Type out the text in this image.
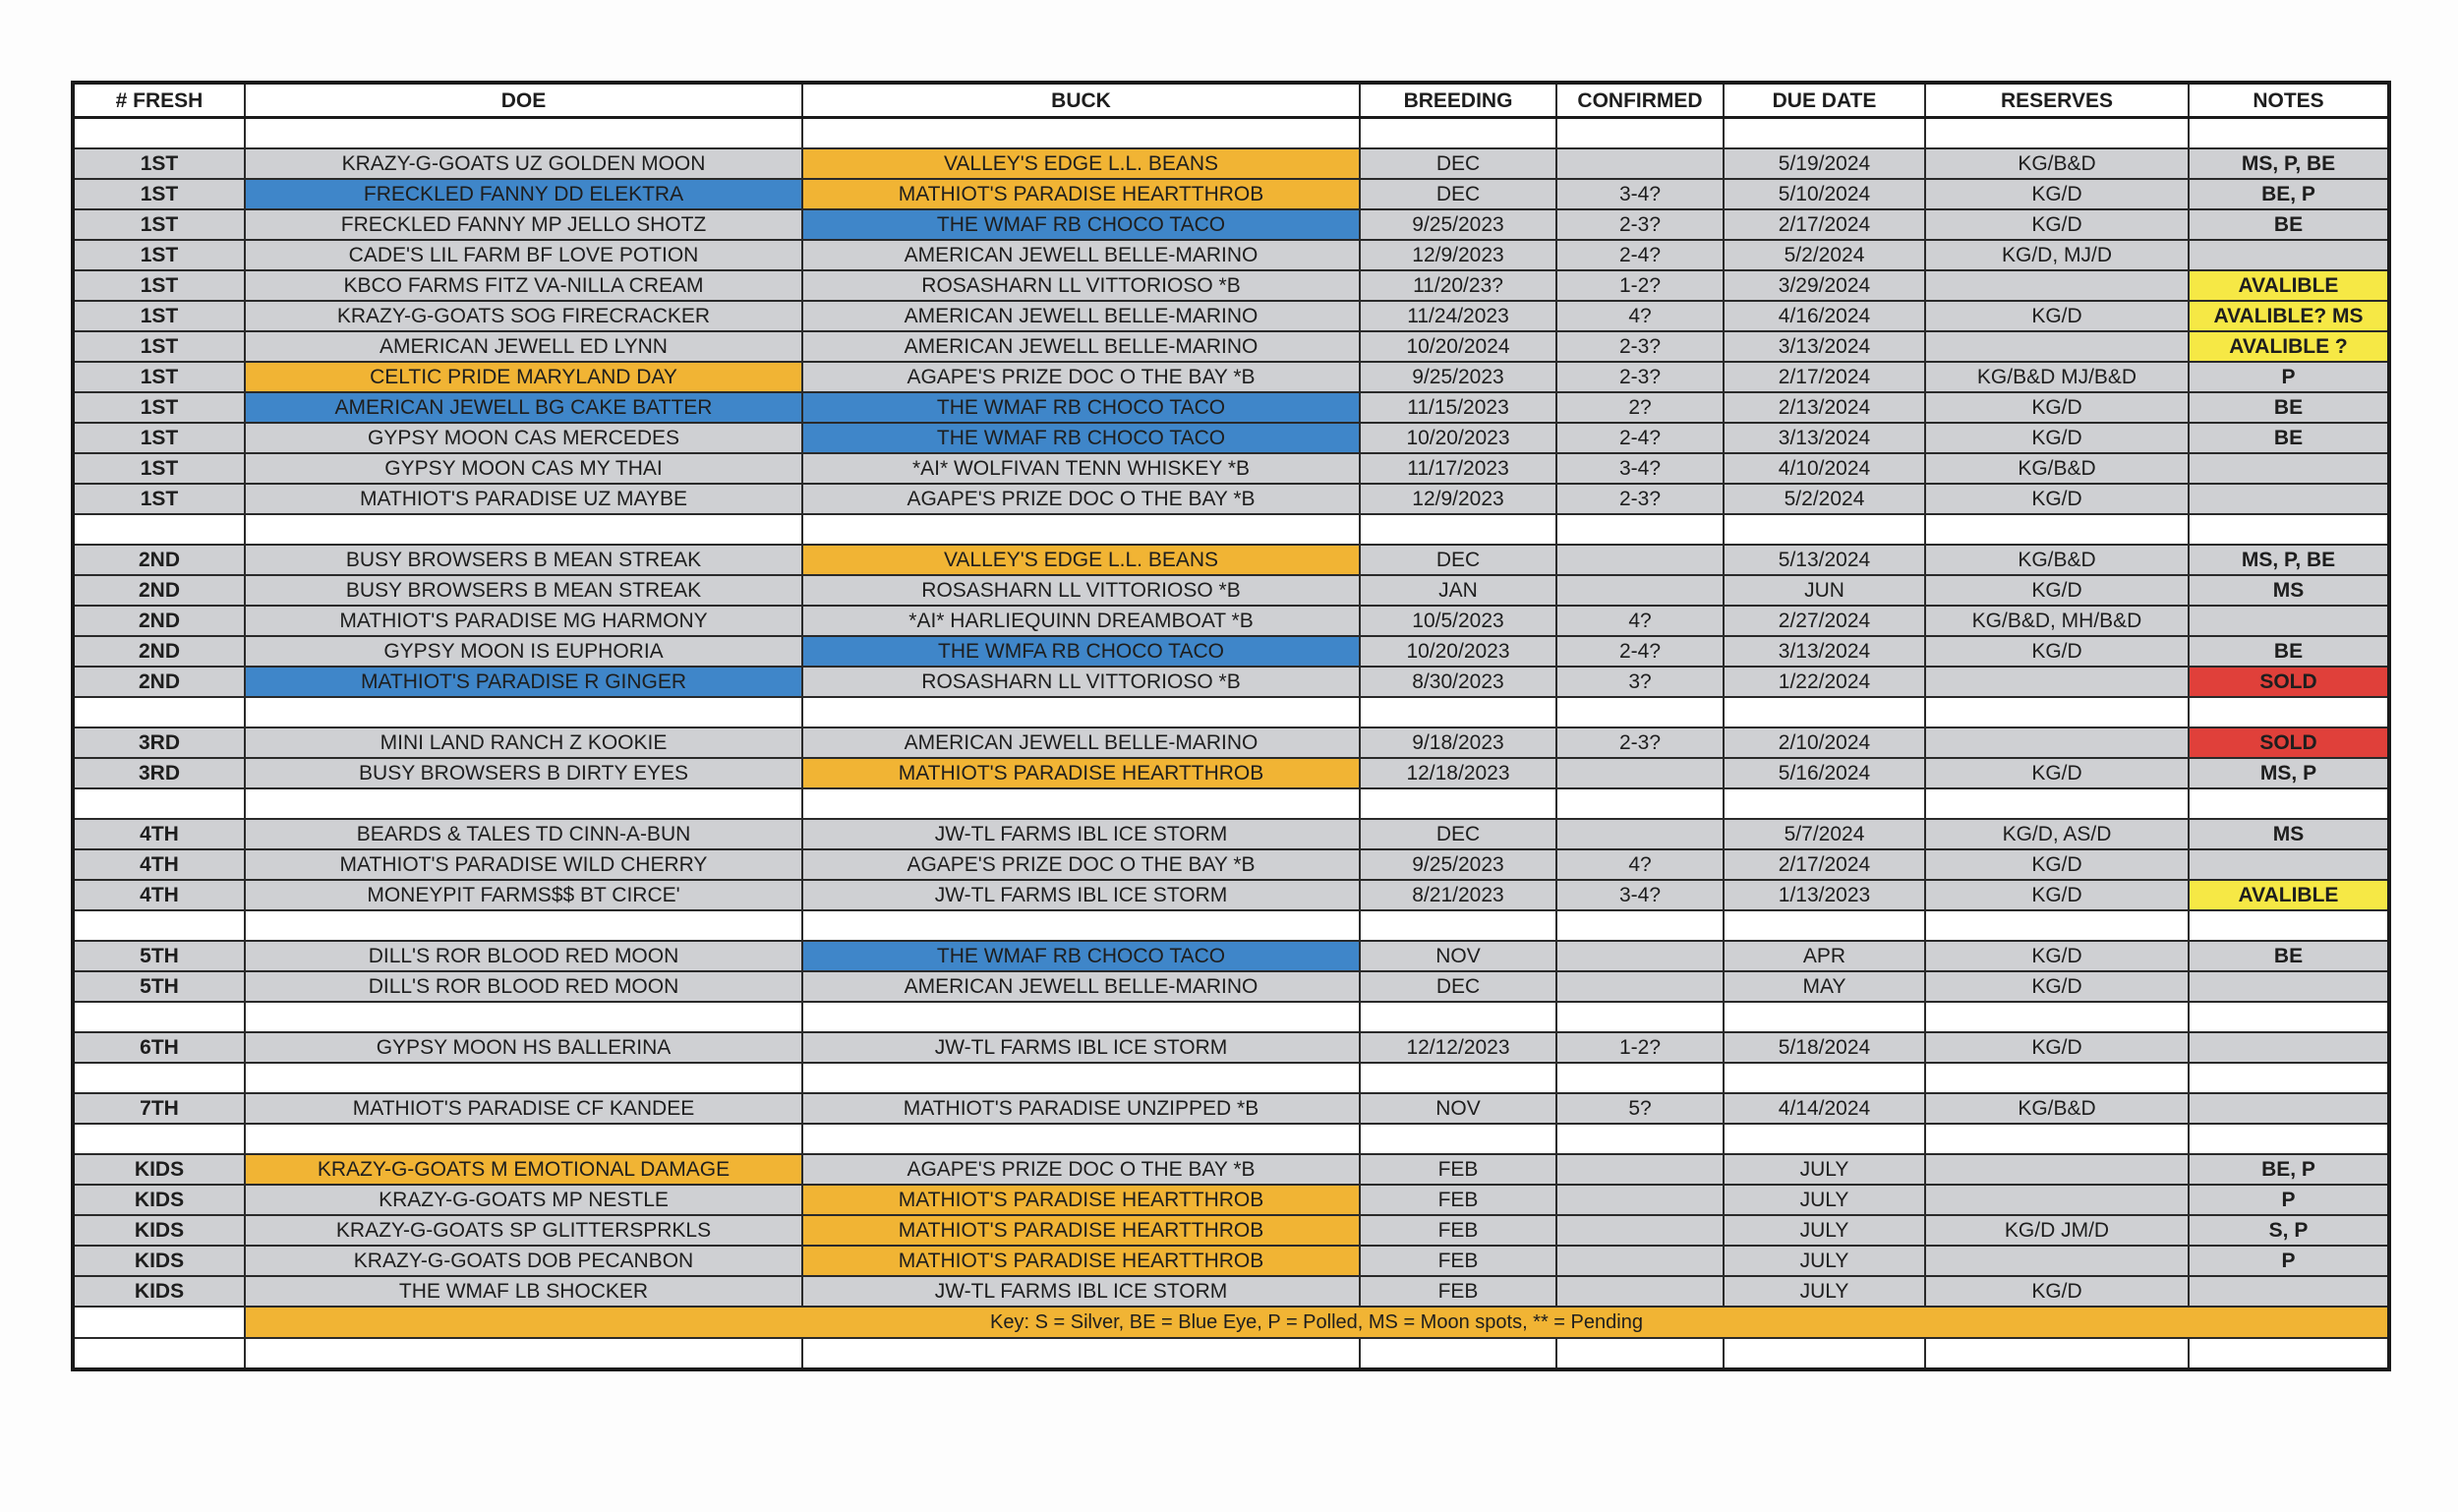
# FRESH	DOE	BUCK	BREEDING	CONFIRMED	DUE DATE	RESERVES	NOTES

1ST	KRAZY-G-GOATS UZ GOLDEN MOON	VALLEY'S EDGE L.L. BEANS	DEC		5/19/2024	KG/B&D	MS, P, BE
1ST	FRECKLED FANNY DD ELEKTRA	MATHIOT'S PARADISE HEARTTHROB	DEC	3-4?	5/10/2024	KG/D	BE, P
1ST	FRECKLED FANNY MP JELLO SHOTZ	THE WMAF RB CHOCO TACO	9/25/2023	2-3?	2/17/2024	KG/D	BE
1ST	CADE'S LIL FARM BF LOVE POTION	AMERICAN JEWELL BELLE-MARINO	12/9/2023	2-4?	5/2/2024	KG/D, MJ/D	
1ST	KBCO FARMS FITZ VA-NILLA CREAM	ROSASHARN LL VITTORIOSO *B	11/20/23?	1-2?	3/29/2024		AVALIBLE
1ST	KRAZY-G-GOATS SOG FIRECRACKER	AMERICAN JEWELL BELLE-MARINO	11/24/2023	4?	4/16/2024	KG/D	AVALIBLE? MS
1ST	AMERICAN JEWELL ED LYNN	AMERICAN JEWELL BELLE-MARINO	10/20/2024	2-3?	3/13/2024		AVALIBLE ?
1ST	CELTIC PRIDE MARYLAND DAY	AGAPE'S PRIZE DOC O THE BAY *B	9/25/2023	2-3?	2/17/2024	KG/B&D MJ/B&D	P
1ST	AMERICAN JEWELL BG CAKE BATTER	THE WMAF RB CHOCO TACO	11/15/2023	2?	2/13/2024	KG/D	BE
1ST	GYPSY MOON CAS MERCEDES	THE WMAF RB CHOCO TACO	10/20/2023	2-4?	3/13/2024	KG/D	BE
1ST	GYPSY MOON CAS MY THAI	*AI* WOLFIVAN TENN WHISKEY *B	11/17/2023	3-4?	4/10/2024	KG/B&D	
1ST	MATHIOT'S PARADISE UZ MAYBE	AGAPE'S PRIZE DOC O THE BAY *B	12/9/2023	2-3?	5/2/2024	KG/D	

2ND	BUSY BROWSERS B MEAN STREAK	VALLEY'S EDGE L.L. BEANS	DEC		5/13/2024	KG/B&D	MS, P, BE
2ND	BUSY BROWSERS B MEAN STREAK	ROSASHARN LL VITTORIOSO *B	JAN		JUN	KG/D	MS
2ND	MATHIOT'S PARADISE MG HARMONY	*AI* HARLIEQUINN DREAMBOAT *B	10/5/2023	4?	2/27/2024	KG/B&D, MH/B&D	
2ND	GYPSY MOON IS EUPHORIA	THE WMFA RB CHOCO TACO	10/20/2023	2-4?	3/13/2024	KG/D	BE
2ND	MATHIOT'S PARADISE R GINGER	ROSASHARN LL VITTORIOSO *B	8/30/2023	3?	1/22/2024		SOLD

3RD	MINI LAND RANCH Z KOOKIE	AMERICAN JEWELL BELLE-MARINO	9/18/2023	2-3?	2/10/2024		SOLD
3RD	BUSY BROWSERS B DIRTY EYES	MATHIOT'S PARADISE HEARTTHROB	12/18/2023		5/16/2024	KG/D	MS, P

4TH	BEARDS & TALES TD CINN-A-BUN	JW-TL FARMS IBL ICE STORM	DEC		5/7/2024	KG/D, AS/D	MS
4TH	MATHIOT'S PARADISE WILD CHERRY	AGAPE'S PRIZE DOC O THE BAY *B	9/25/2023	4?	2/17/2024	KG/D	
4TH	MONEYPIT FARMS$$ BT CIRCE'	JW-TL FARMS IBL ICE STORM	8/21/2023	3-4?	1/13/2023	KG/D	AVALIBLE

5TH	DILL'S ROR BLOOD RED MOON	THE WMAF RB CHOCO TACO	NOV		APR	KG/D	BE
5TH	DILL'S ROR BLOOD RED MOON	AMERICAN JEWELL BELLE-MARINO	DEC		MAY	KG/D	

6TH	GYPSY MOON HS BALLERINA	JW-TL FARMS IBL ICE STORM	12/12/2023	1-2?	5/18/2024	KG/D	

7TH	MATHIOT'S PARADISE CF KANDEE	MATHIOT'S PARADISE UNZIPPED *B	NOV	5?	4/14/2024	KG/B&D	

KIDS	KRAZY-G-GOATS M EMOTIONAL DAMAGE	AGAPE'S PRIZE DOC O THE BAY *B	FEB		JULY		BE, P
KIDS	KRAZY-G-GOATS MP NESTLE	MATHIOT'S PARADISE HEARTTHROB	FEB		JULY		P
KIDS	KRAZY-G-GOATS SP GLITTERSPRKLS	MATHIOT'S PARADISE HEARTTHROB	FEB		JULY	KG/D JM/D	S, P
KIDS	KRAZY-G-GOATS DOB PECANBON	MATHIOT'S PARADISE HEARTTHROB	FEB		JULY		P
KIDS	THE WMAF LB SHOCKER	JW-TL FARMS IBL ICE STORM	FEB		JULY	KG/D	
	Key: S = Silver, BE = Blue Eye, P = Polled, MS = Moon spots, ** = Pending						
